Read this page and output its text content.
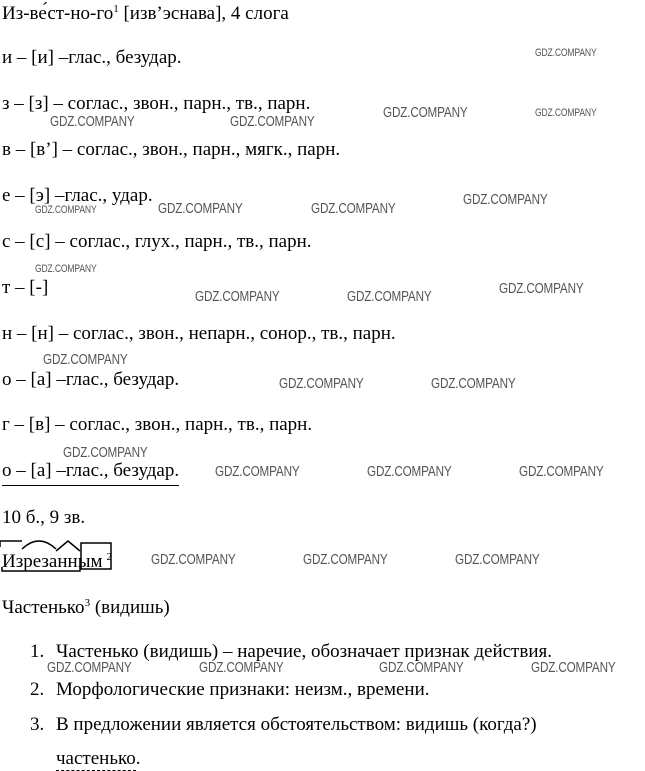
$Из-ве́ст-но-го^1$ [изв’эснава], 4 слога
и – [и] –глас., безудар.
з – [з] – соглас., звон., парн., тв., парн.
в – [в’] – соглас., звон., парн., мягк., парн.
е – [э] –глас., удар.
с – [с] – соглас., глух., парн., тв., парн.
т – [-]
н – [н] – соглас., звон., непарн., сонор., тв., парн.
о – [а] –глас., безудар.
г – [в] – соглас., звон., парн., тв., парн.
о – [а] –глас., безудар.
10 б., 9 зв.
Изрезанным $^2$
Частенько$^3$ (видишь)
1. Частенько (видишь) – наречие, обозначает признак действия.
2. Морфологические признаки: неизм., времени.
3. В предложении является обстоятельством: видишь (когда?)
частенько.
GDZ.COMPANY
GDZ.COMPANY	GDZ.COMPANY
GDZ.COMPANY	GDZ.COMPANY
GDZ.COMPANY	GDZ.COMPANY	GDZ.COMPANY
GDZ.COMPANY
GDZ.COMPANY
GDZ.COMPANY	GDZ.COMPANY	GDZ.COMPANY
GDZ.COMPANY
GDZ.COMPANY	GDZ.COMPANY
GDZ.COMPANY
GDZ.COMPANY	GDZ.COMPANY	GDZ.COMPANY
GDZ.COMPANY	GDZ.COMPANY	GDZ.COMPANY
GDZ.COMPANY	GDZ.COMPANY	GDZ.COMPANY	GDZ.COMPANY
